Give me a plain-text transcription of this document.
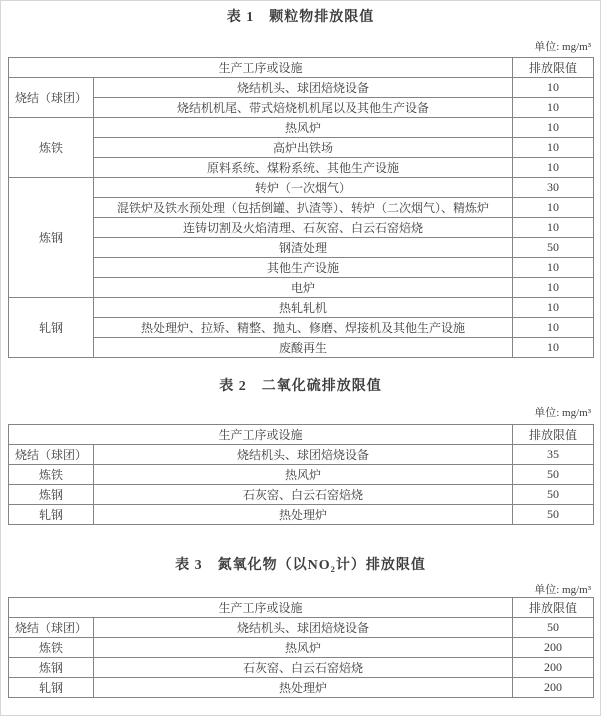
表 1　颗粒物排放限值
单位: mg/m³
生产工序或设施		排放限值
烧结（球团）	烧结机头、球团焙烧设备	10
	烧结机机尾、带式焙烧机机尾以及其他生产设备	10
炼铁	热风炉	10
	高炉出铁场	10
	原料系统、煤粉系统、其他生产设施	10
炼钢	转炉（一次烟气）	30
	混铁炉及铁水预处理（包括倒罐、扒渣等）、转炉（二次烟气）、精炼炉	10
	连铸切割及火焰清理、石灰窑、白云石窑焙烧	10
	钢渣处理	50
	其他生产设施	10
	电炉	10
轧钢	热轧轧机	10
	热处理炉、拉矫、精整、抛丸、修磨、焊接机及其他生产设施	10
	废酸再生	10
表 2　二氧化硫排放限值
单位: mg/m³
生产工序或设施		排放限值
烧结（球团）	烧结机头、球团焙烧设备	35
炼铁	热风炉	50
炼钢	石灰窑、白云石窑焙烧	50
轧钢	热处理炉	50
表 3　氮氧化物（以NO₂计）排放限值
单位: mg/m³
生产工序或设施		排放限值
烧结（球团）	烧结机头、球团焙烧设备	50
炼铁	热风炉	200
炼钢	石灰窑、白云石窑焙烧	200
轧钢	热处理炉	200
